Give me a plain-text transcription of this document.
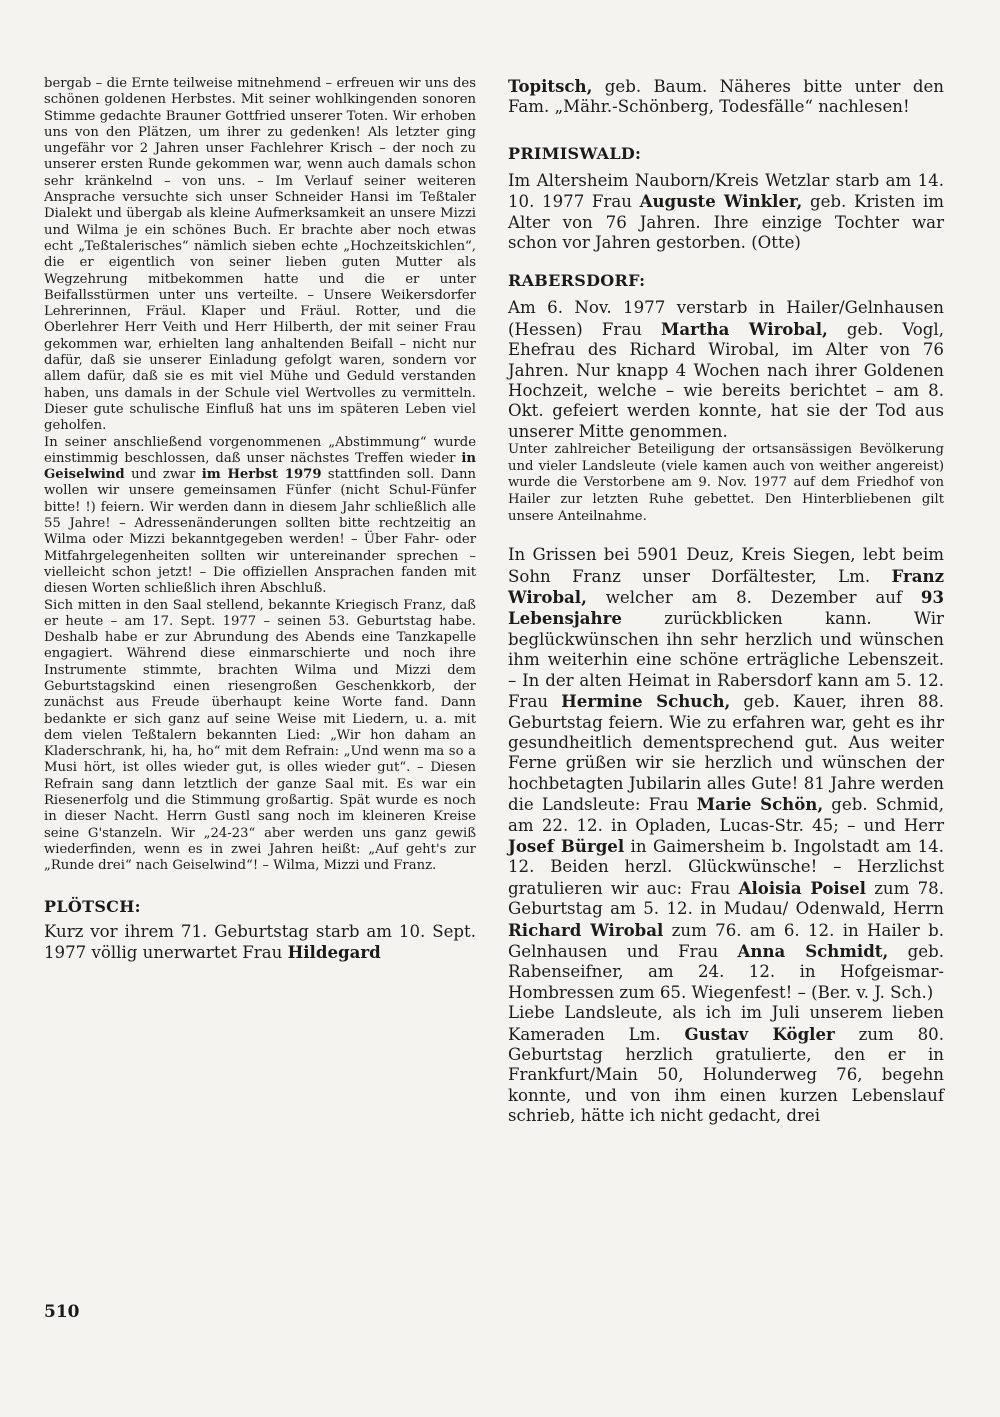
bergab – die Ernte teilweise mitnehmend – erfreuen wir uns des schönen goldenen Herbstes. Mit seiner wohlkingenden sonoren Stimme gedachte Brauner Gottfried unserer Toten. Wir erhoben uns von den Plätzen, um ihrer zu gedenken! Als letzter ging ungefähr vor 2 Jahren unser Fachlehrer Krisch – der noch zu unserer ersten Runde gekommen war, wenn auch damals schon sehr kränkelnd – von uns. – Im Verlauf seiner weiteren Ansprache versuchte sich unser Schneider Hansi im Teßtaler Dialekt und übergab als kleine Aufmerksamkeit an unsere Mizzi und Wilma je ein schönes Buch. Er brachte aber noch etwas echt „Teßtalerisches“ nämlich sieben echte „Hochzeitskichlen“, die er eigentlich von seiner lieben guten Mutter als Wegzehrung mitbekommen hatte und die er unter Beifallsstürmen unter uns verteilte. – Unsere Weikersdorfer Lehrerinnen, Fräul. Klaper und Fräul. Rotter, und die Oberlehrer Herr Veith und Herr Hilberth, der mit seiner Frau gekommen war, erhielten lang anhaltenden Beifall – nicht nur dafür, daß sie unserer Einladung gefolgt waren, sondern vor allem dafür, daß sie es mit viel Mühe und Geduld verstanden haben, uns damals in der Schule viel Wertvolles zu vermitteln. Dieser gute schulische Einfluß hat uns im späteren Leben viel geholfen.

In seiner anschließend vorgenommenen „Abstimmung“ wurde einstimmig beschlossen, daß unser nächstes Treffen wieder in Geiselwind und zwar im Herbst 1979 stattfinden soll. Dann wollen wir unsere gemeinsamen Fünfer (nicht Schul-Fünfer bitte! !) feiern. Wir werden dann in diesem Jahr schließlich alle 55 Jahre! – Adressenänderungen sollten bitte rechtzeitig an Wilma oder Mizzi bekanntgegeben werden! – Über Fahr- oder Mitfahrgelegenheiten sollten wir untereinander sprechen – vielleicht schon jetzt! – Die offiziellen Ansprachen fanden mit diesen Worten schließlich ihren Abschluß.

Sich mitten in den Saal stellend, bekannte Kriegisch Franz, daß er heute – am 17. Sept. 1977 – seinen 53. Geburtstag habe. Deshalb habe er zur Abrundung des Abends eine Tanzkapelle engagiert. Während diese einmarschierte und noch ihre Instrumente stimmte, brachten Wilma und Mizzi dem Geburtstagskind einen riesengroßen Geschenkkorb, der zunächst aus Freude überhaupt keine Worte fand. Dann bedankte er sich ganz auf seine Weise mit Liedern, u. a. mit dem vielen Teßtalern bekannten Lied: „Wir hon daham an Kladerschrank, hi, ha, ho“ mit dem Refrain: „Und wenn ma so a Musi hört, ist olles wieder gut, is olles wieder gut“. – Diesen Refrain sang dann letztlich der ganze Saal mit. Es war ein Riesenerfolg und die Stimmung großartig. Spät wurde es noch in dieser Nacht. Herrn Gustl sang noch im kleineren Kreise seine G'stanzeln. Wir „24-23“ aber werden uns ganz gewiß wiederfinden, wenn es in zwei Jahren heißt: „Auf geht's zur „Runde drei“ nach Geiselwind“! – Wilma, Mizzi und Franz.

PLÖTSCH:

Kurz vor ihrem 71. Geburtstag starb am 10. Sept. 1977 völlig unerwartet Frau Hildegard

Topitsch, geb. Baum. Näheres bitte unter den Fam. „Mähr.-Schönberg, Todesfälle“ nachlesen!

PRIMISWALD:

Im Altersheim Nauborn/Kreis Wetzlar starb am 14. 10. 1977 Frau Auguste Winkler, geb. Kristen im Alter von 76 Jahren. Ihre einzige Tochter war schon vor Jahren gestorben. (Otte)

RABERSDORF:

Am 6. Nov. 1977 verstarb in Hailer/Gelnhausen (Hessen) Frau Martha Wirobal, geb. Vogl, Ehefrau des Richard Wirobal, im Alter von 76 Jahren. Nur knapp 4 Wochen nach ihrer Goldenen Hochzeit, welche – wie bereits berichtet – am 8. Okt. gefeiert werden konnte, hat sie der Tod aus unserer Mitte genommen.

Unter zahlreicher Beteiligung der ortsansässigen Bevölkerung und vieler Landsleute (viele kamen auch von weither angereist) wurde die Verstorbene am 9. Nov. 1977 auf dem Friedhof von Hailer zur letzten Ruhe gebettet. Den Hinterbliebenen gilt unsere Anteilnahme.

In Grissen bei 5901 Deuz, Kreis Siegen, lebt beim Sohn Franz unser Dorfältester, Lm. Franz Wirobal, welcher am 8. Dezember auf 93 Lebensjahre zurückblicken kann. Wir beglückwünschen ihn sehr herzlich und wünschen ihm weiterhin eine schöne erträgliche Lebenszeit. – In der alten Heimat in Rabersdorf kann am 5. 12. Frau Hermine Schuch, geb. Kauer, ihren 88. Geburtstag feiern. Wie zu erfahren war, geht es ihr gesundheitlich dementsprechend gut. Aus weiter Ferne grüßen wir sie herzlich und wünschen der hochbetagten Jubilarin alles Gute! 81 Jahre werden die Landsleute: Frau Marie Schön, geb. Schmid, am 22. 12. in Opladen, Lucas-Str. 45; – und Herr Josef Bürgel in Gaimersheim b. Ingolstadt am 14. 12. Beiden herzl. Glückwünsche! – Herzlichst gratulieren wir auc: Frau Aloisia Poisel zum 78. Geburtstag am 5. 12. in Mudau/ Odenwald, Herrn Richard Wirobal zum 76. am 6. 12. in Hailer b. Gelnhausen und Frau Anna Schmidt, geb. Rabenseifner, am 24. 12. in Hofgeismar-Hombressen zum 65. Wiegenfest! – (Ber. v. J. Sch.)

Liebe Landsleute, als ich im Juli unserem lieben Kameraden Lm. Gustav Kögler zum 80. Geburtstag herzlich gratulierte, den er in Frankfurt/Main 50, Holunderweg 76, begehn konnte, und von ihm einen kurzen Lebenslauf schrieb, hätte ich nicht gedacht, drei

510
